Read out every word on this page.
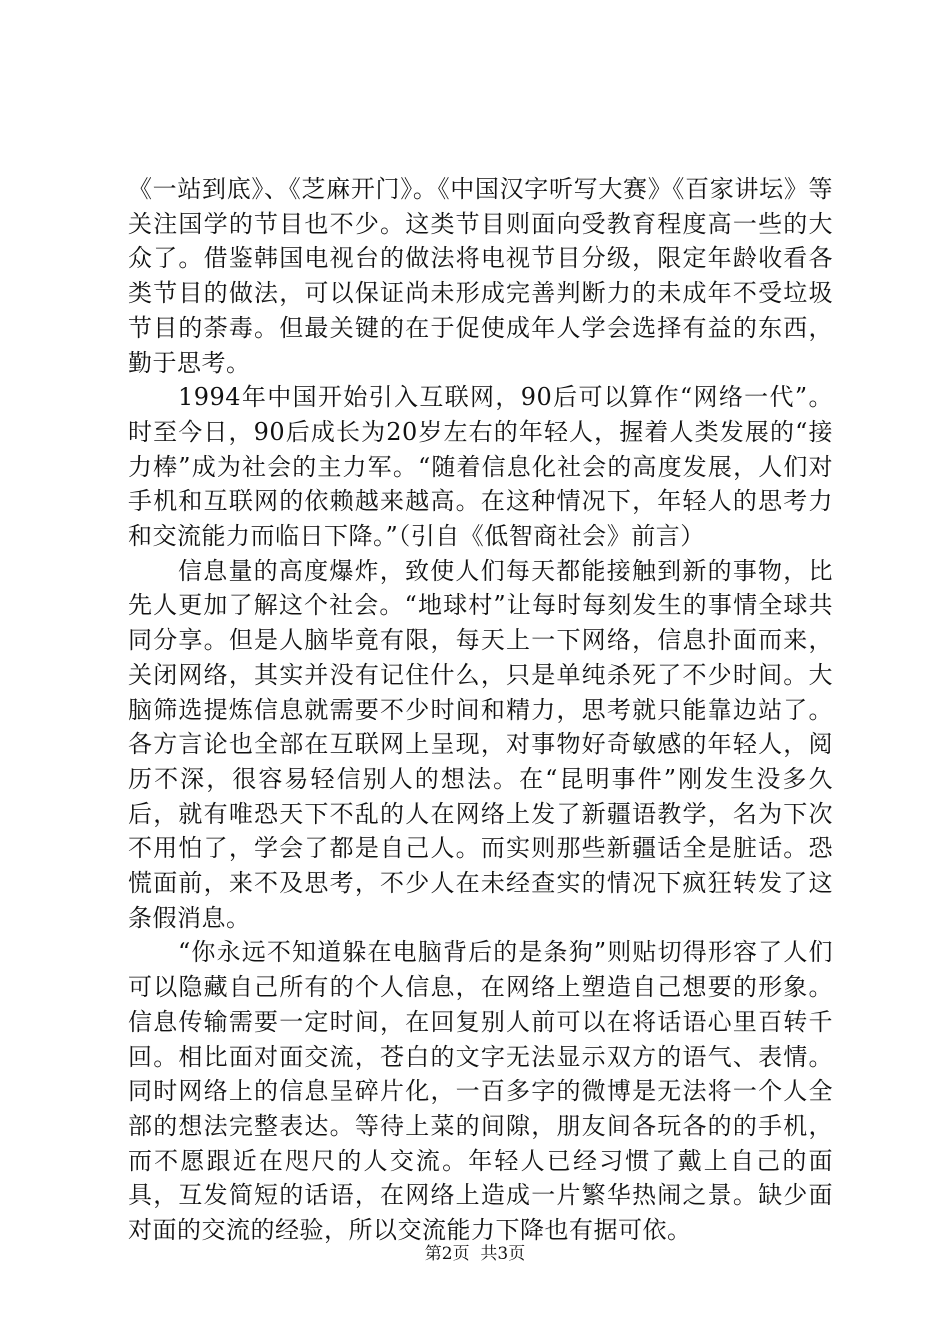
《一站到底》、《芝麻开门》。《中国汉字听写大赛》《百家讲坛》等关注国学的节目也不少。这类节目则面向受教育程度高一些的大众了。借鉴韩国电视台的做法将电视节目分级，限定年龄收看各类节目的做法，可以保证尚未形成完善判断力的未成年不受垃圾节目的荼毒。但最关键的在于促使成年人学会选择有益的东西，勤于思考。

1994年中国开始引入互联网，90后可以算作“网络一代”。时至今日，90后成长为20岁左右的年轻人，握着人类发展的“接力棒”成为社会的主力军。“随着信息化社会的高度发展，人们对手机和互联网的依赖越来越高。在这种情况下，年轻人的思考力和交流能力而临日下降。”（引自《低智商社会》前言）

信息量的高度爆炸，致使人们每天都能接触到新的事物，比先人更加了解这个社会。“地球村”让每时每刻发生的事情全球共同分享。但是人脑毕竟有限，每天上一下网络，信息扑面而来，关闭网络，其实并没有记住什么，只是单纯杀死了不少时间。大脑筛选提炼信息就需要不少时间和精力，思考就只能靠边站了。各方言论也全部在互联网上呈现，对事物好奇敏感的年轻人，阅历不深，很容易轻信别人的想法。在“昆明事件”刚发生没多久后，就有唯恐天下不乱的人在网络上发了新疆语教学，名为下次不用怕了，学会了都是自己人。而实则那些新疆话全是脏话。恐慌面前，来不及思考，不少人在未经查实的情况下疯狂转发了这条假消息。

“你永远不知道躲在电脑背后的是条狗”则贴切得形容了人们可以隐藏自己所有的个人信息，在网络上塑造自己想要的形象。信息传输需要一定时间，在回复别人前可以在将话语心里百转千回。相比面对面交流，苍白的文字无法显示双方的语气、表情。同时网络上的信息呈碎片化，一百多字的微博是无法将一个人全部的想法完整表达。等待上菜的间隙，朋友间各玩各的的手机，而不愿跟近在咫尺的人交流。年轻人已经习惯了戴上自己的面具，互发简短的话语，在网络上造成一片繁华热闹之景。缺少面对面的交流的经验，所以交流能力下降也有据可依。

第2页  共3页
